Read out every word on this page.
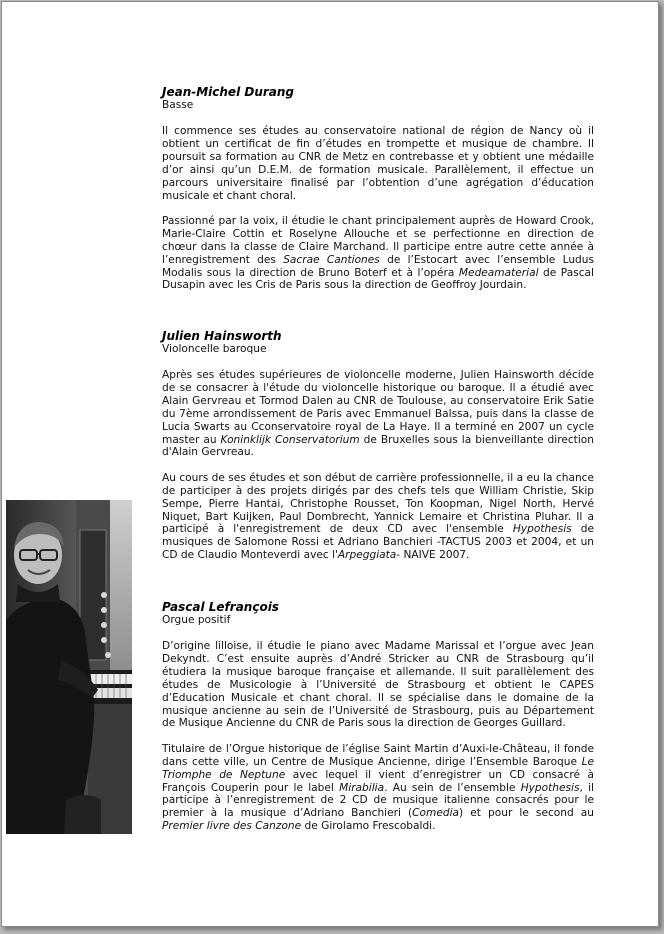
Jean-Michel Durang
Basse

Il commence ses études au conservatoire national de région de Nancy où il obtient un certificat de fin d’études en trompette et musique de chambre. Il poursuit sa formation au CNR de Metz en contrebasse et y obtient une médaille d’or ainsi qu’un D.E.M. de formation musicale. Parallèlement, il effectue un parcours universitaire finalisé par l’obtention d’une agrégation d’éducation musicale et chant choral.

Passionné par la voix, il étudie le chant principalement auprès de Howard Crook, Marie-Claire Cottin et Roselyne Allouche et se perfectionne en direction de chœur dans la classe de Claire Marchand. Il participe entre autre cette année à l’enregistrement des Sacrae Cantiones de l’Estocart avec l’ensemble Ludus Modalis sous la direction de Bruno Boterf et à l’opéra Medeamaterial de Pascal Dusapin avec les Cris de Paris sous la direction de Geoffroy Jourdain.

Julien Hainsworth
Violoncelle baroque

Après ses études supérieures de violoncelle moderne, Julien Hainsworth décide de se consacrer à l'étude du violoncelle historique ou baroque. Il a étudié avec Alain Gervreau et Tormod Dalen au CNR de Toulouse, au conservatoire Erik Satie du 7ème arrondissement de Paris avec Emmanuel Balssa, puis dans la classe de Lucia Swarts au Cconservatoire royal de La Haye. Il a terminé en 2007 un cycle master au Koninklijk Conservatorium de Bruxelles sous la bienveillante direction d'Alain Gervreau.

Au cours de ses études et son début de carrière professionnelle, il a eu la chance de participer à des projets dirigés par des chefs tels que William Christie, Skip Sempe, Pierre Hantai, Christophe Rousset, Ton Koopman, Nigel North, Hervé Niquet, Bart Kuijken, Paul Dombrecht, Yannick Lemaire et Christina Pluhar. Il a participé à l'enregistrement de deux CD avec l'ensemble Hypothesis de musiques de Salomone Rossi et Adriano Banchieri -TACTUS 2003 et 2004, et un CD de Claudio Monteverdi avec l'Arpeggiata- NAIVE 2007.

Pascal Lefrançois
Orgue positif

D’origine lilloise, il étudie le piano avec Madame Marissal et l’orgue avec Jean Dekyndt. C’est ensuite auprès d’André Stricker au CNR de Strasbourg qu’il étudiera la musique baroque française et allemande. Il suit parallèlement des études de Musicologie à l’Université de Strasbourg et obtient le CAPES d’Education Musicale et chant choral. Il se spécialise dans le domaine de la musique ancienne au sein de l’Université de Strasbourg, puis au Département de Musique Ancienne du CNR de Paris sous la direction de Georges Guillard.

Titulaire de l’Orgue historique de l’église Saint Martin d’Auxi-le-Château, il fonde dans cette ville, un Centre de Musique Ancienne, dirige l’Ensemble Baroque Le Triomphe de Neptune avec lequel il vient d’enregistrer un CD consacré à François Couperin pour le label Mirabilia. Au sein de l’ensemble Hypothesis, il participe à l’enregistrement de 2 CD de musique italienne consacrés pour le premier à la musique d’Adriano Banchieri (Comedia) et pour le second au Premier livre des Canzone de Girolamo Frescobaldi.
